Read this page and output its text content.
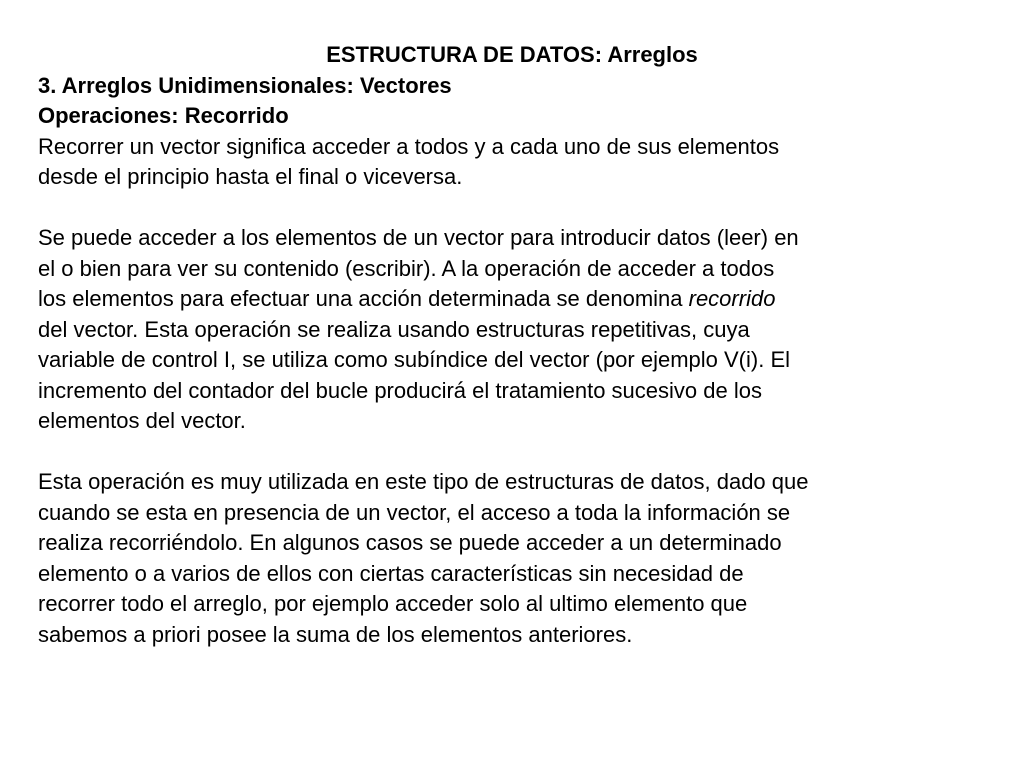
ESTRUCTURA DE DATOS: Arreglos

3. Arreglos Unidimensionales: Vectores

Operaciones: Recorrido

Recorrer un vector significa acceder a todos y a cada uno de sus elementos
desde el principio hasta el final o viceversa.
Se puede acceder a los elementos de un vector para introducir datos (leer) en
el o bien para ver su contenido (escribir). A la operación de acceder a todos
los elementos para efectuar una acción determinada se denomina recorrido
del vector. Esta operación se realiza usando estructuras repetitivas, cuya
variable de control I, se utiliza como subíndice del vector (por ejemplo V(i). El
incremento del contador del bucle producirá el tratamiento sucesivo de los
elementos del vector.
Esta operación es muy utilizada en este tipo de estructuras de datos, dado que
cuando se esta en presencia de un vector, el acceso a toda la información se
realiza recorriéndolo. En algunos casos se puede acceder a un determinado
elemento o a varios de ellos con ciertas características sin necesidad de
recorrer todo el arreglo, por ejemplo acceder solo al ultimo elemento que
sabemos a priori posee la suma de los elementos anteriores.
